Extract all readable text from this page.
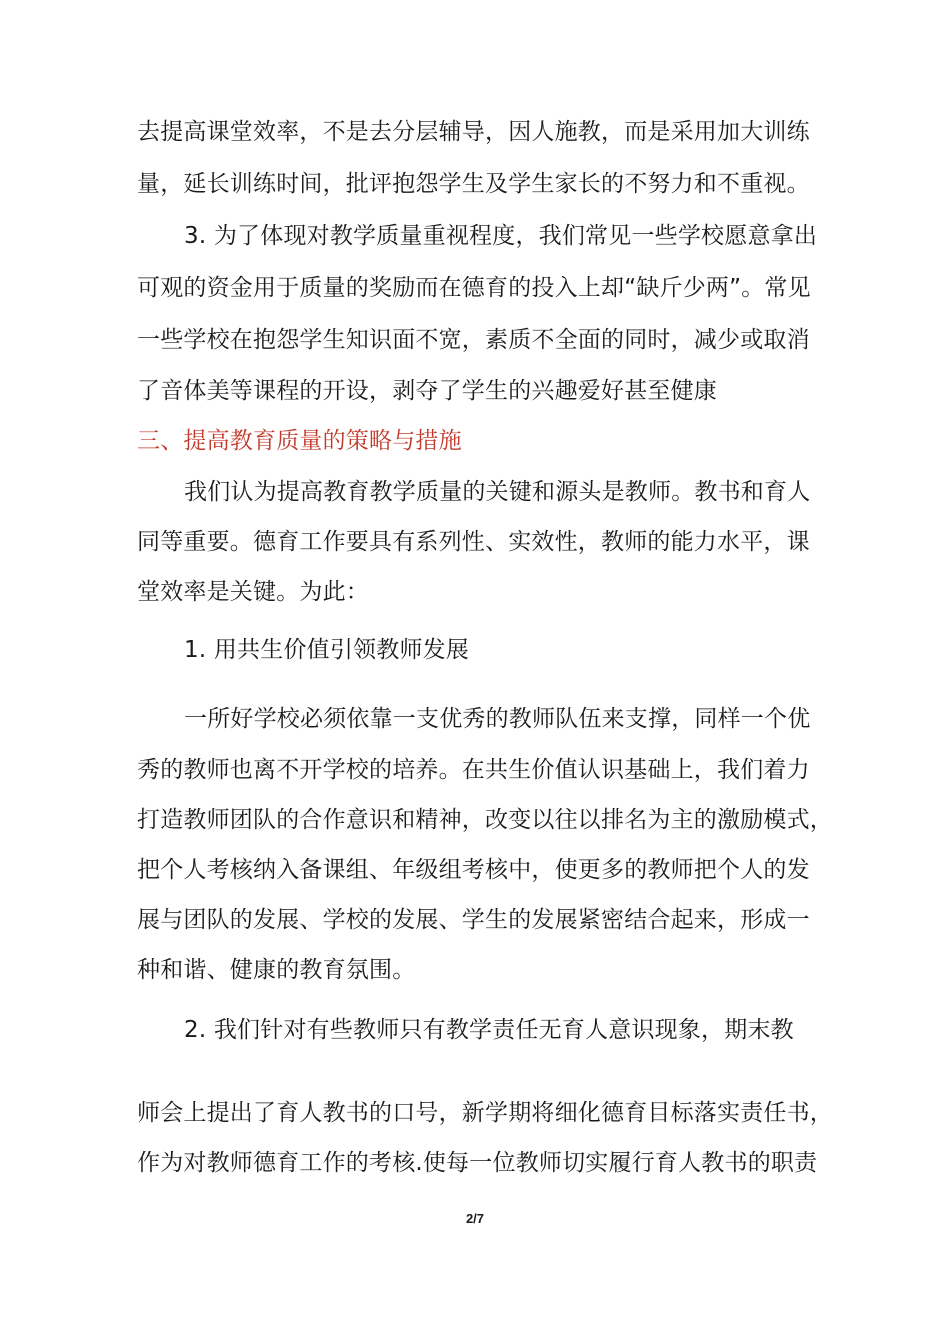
去提高课堂效率，不是去分层辅导，因人施教，而是采用加大训练
量，延长训练时间，批评抱怨学生及学生家长的不努力和不重视。
3. 为了体现对教学质量重视程度，我们常见一些学校愿意拿出
可观的资金用于质量的奖励而在德育的投入上却“缺斤少两”。常见
一些学校在抱怨学生知识面不宽，素质不全面的同时，减少或取消
了音体美等课程的开设，剥夺了学生的兴趣爱好甚至健康
三、提高教育质量的策略与措施
我们认为提高教育教学质量的关键和源头是教师。教书和育人
同等重要。德育工作要具有系列性、实效性，教师的能力水平，课
堂效率是关键。为此：
1. 用共生价值引领教师发展
一所好学校必须依靠一支优秀的教师队伍来支撑，同样一个优
秀的教师也离不开学校的培养。在共生价值认识基础上，我们着力
打造教师团队的合作意识和精神，改变以往以排名为主的激励模式，
把个人考核纳入备课组、年级组考核中，使更多的教师把个人的发
展与团队的发展、学校的发展、学生的发展紧密结合起来，形成一
种和谐、健康的教育氛围。
2. 我们针对有些教师只有教学责任无育人意识现象，期末教
师会上提出了育人教书的口号，新学期将细化德育目标落实责任书，
作为对教师德育工作的考核.使每一位教师切实履行育人教书的职责
2/7
